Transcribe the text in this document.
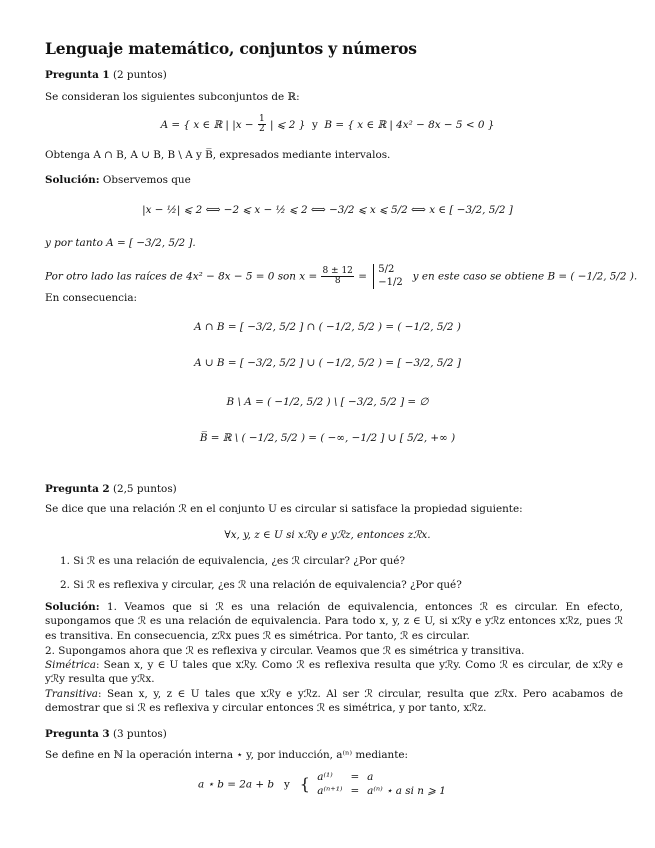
Lenguaje matemático, conjuntos y números
Pregunta 1 (2 puntos)
Se consideran los siguientes subconjuntos de ℝ:
A = { x ∈ ℝ | $|x - \frac{1}{2}$ | ⩽ 2 } y B = { x ∈ ℝ | 4x² − 8x − 5 < 0 }
Obtenga A ∩ B, A ∪ B, B \ A y B̅, expresados mediante intervalos.
Solución: Observemos que
|x − ½| ⩽ 2 ⟺ −2 ⩽ x − ½ ⩽ 2 ⟺ −3/2 ⩽ x ⩽ 5/2 ⟺ x ∈ [ −3/2, 5/2 ]
y por tanto A = [ −3/2, 5/2 ].
Por otro lado las raíces de 4x² − 8x − 5 = 0 son $x = \frac{8 \pm 12}{8}$ =
5/2
−1/2 y en este caso se obtiene B = ( −1/2, 5/2 ).
En consecuencia:
A ∩ B = [ −3/2, 5/2 ] ∩ ( −1/2, 5/2 ) = ( −1/2, 5/2 )
A ∪ B = [ −3/2, 5/2 ] ∪ ( −1/2, 5/2 ) = [ −3/2, 5/2 ]
B \ A = ( −1/2, 5/2 ) \ [ −3/2, 5/2 ] = ∅
B̅ = ℝ \ ( −1/2, 5/2 ) = ( −∞, −1/2 ] ∪ [ 5/2, +∞ )
Pregunta 2 (2,5 puntos)
Se dice que una relación ℛ en el conjunto U es circular si satisface la propiedad siguiente:
∀x, y, z ∈ U si xℛy e yℛz, entonces zℛx.
1. Si ℛ es una relación de equivalencia, ¿es ℛ circular? ¿Por qué?
2. Si ℛ es reflexiva y circular, ¿es ℛ una relación de equivalencia? ¿Por qué?
Solución: 1. Veamos que si ℛ es una relación de equivalencia, entonces ℛ es circular. En efecto, supongamos que ℛ es una relación de equivalencia. Para todo x, y, z ∈ U, si xℛy e yℛz entonces xℛz, pues ℛ es transitiva. En consecuencia, zℛx pues ℛ es simétrica. Por tanto, ℛ es circular.
2. Supongamos ahora que ℛ es reflexiva y circular. Veamos que ℛ es simétrica y transitiva.
Simétrica: Sean x, y ∈ U tales que xℛy. Como ℛ es reflexiva resulta que yℛy. Como ℛ es circular, de xℛy e yℛy resulta que yℛx.
Transitiva: Sean x, y, z ∈ U tales que xℛy e yℛz. Al ser ℛ circular, resulta que zℛx. Pero acabamos de demostrar que si ℛ es reflexiva y circular entonces ℛ es simétrica, y por tanto, xℛz.
Pregunta 3 (3 puntos)
Se define en ℕ la operación interna ⋆ y, por inducción, a⁽ⁿ⁾ mediante:
a ⋆ b = 2a + b y { a⁽¹⁾	=	a
a⁽ⁿ⁺¹⁾	=	a⁽ⁿ⁾ ⋆ a si n ⩾ 1
